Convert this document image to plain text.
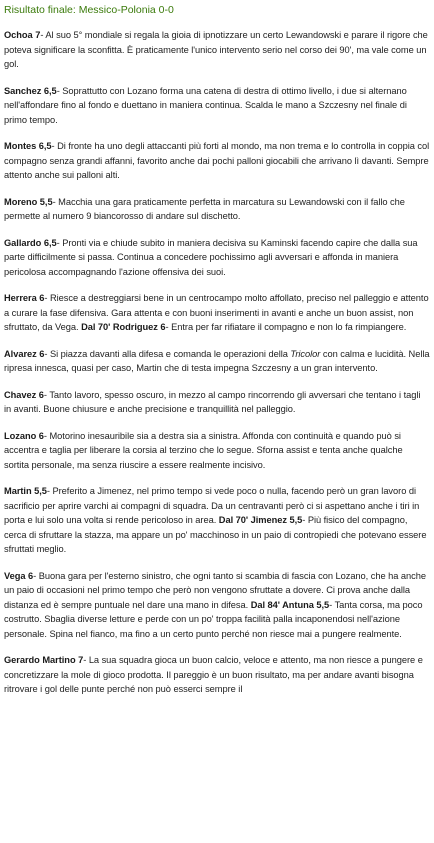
Risultato finale: Messico-Polonia 0-0

Ochoa 7- Al suo 5° mondiale si regala la gioia di ipnotizzare un certo Lewandowski e parare il rigore che poteva significare la sconfitta. È praticamente l'unico intervento serio nel corso dei 90', ma vale come un gol.

Sanchez 6,5- Soprattutto con Lozano forma una catena di destra di ottimo livello, i due si alternano nell'affondare fino al fondo e duettano in maniera continua. Scalda le mano a Szczesny nel finale di primo tempo.

Montes 6,5- Di fronte ha uno degli attaccanti più forti al mondo, ma non trema e lo controlla in coppia col compagno senza grandi affanni, favorito anche dai pochi palloni giocabili che arrivano lì davanti. Sempre attento anche sui palloni alti.

Moreno 5,5- Macchia una gara praticamente perfetta in marcatura su Lewandowski con il fallo che permette al numero 9 biancorosso di andare sul dischetto.

Gallardo 6,5- Pronti via e chiude subito in maniera decisiva su Kaminski facendo capire che dalla sua parte difficilmente si passa. Continua a concedere pochissimo agli avversari e affonda in maniera pericolosa accompagnando l'azione offensiva dei suoi.

Herrera 6- Riesce a destreggiarsi bene in un centrocampo molto affollato, preciso nel palleggio e attento a curare la fase difensiva. Gara attenta e con buoni inserimenti in avanti e anche un buon assist, non sfruttato, da Vega. Dal 70' Rodriguez 6- Entra per far rifiatare il compagno e non lo fa rimpiangere.

Alvarez 6- Si piazza davanti alla difesa e comanda le operazioni della Tricolor con calma e lucidità. Nella ripresa innesca, quasi per caso, Martin che di testa impegna Szczesny a un gran intervento.

Chavez 6- Tanto lavoro, spesso oscuro, in mezzo al campo rincorrendo gli avversari che tentano i tagli in avanti. Buone chiusure e anche precisione e tranquillità nel palleggio.

Lozano 6- Motorino inesauribile sia a destra sia a sinistra. Affonda con continuità e quando può si accentra e taglia per liberare la corsia al terzino che lo segue. Sforna assist e tenta anche qualche sortita personale, ma senza riuscire a essere realmente incisivo.

Martin 5,5- Preferito a Jimenez, nel primo tempo si vede poco o nulla, facendo però un gran lavoro di sacrificio per aprire varchi ai compagni di squadra. Da un centravanti però ci si aspettano anche i tiri in porta e lui solo una volta si rende pericoloso in area. Dal 70' Jimenez 5,5- Più fisico del compagno, cerca di sfruttare la stazza, ma appare un po' macchinoso in un paio di contropiedi che potevano essere sfruttati meglio.

Vega 6- Buona gara per l'esterno sinistro, che ogni tanto si scambia di fascia con Lozano, che ha anche un paio di occasioni nel primo tempo che però non vengono sfruttate a dovere. Ci prova anche dalla distanza ed è sempre puntuale nel dare una mano in difesa. Dal 84' Antuna 5,5- Tanta corsa, ma poco costrutto. Sbaglia diverse letture e perde con un po' troppa facilità palla incaponendosi nell'azione personale. Spina nel fianco, ma fino a un certo punto perché non riesce mai a pungere realmente.

Gerardo Martino 7- La sua squadra gioca un buon calcio, veloce e attento, ma non riesce a pungere e concretizzare la mole di gioco prodotta. Il pareggio è un buon risultato, ma per andare avanti bisogna ritrovare i gol delle punte perché non può esserci sempre il
